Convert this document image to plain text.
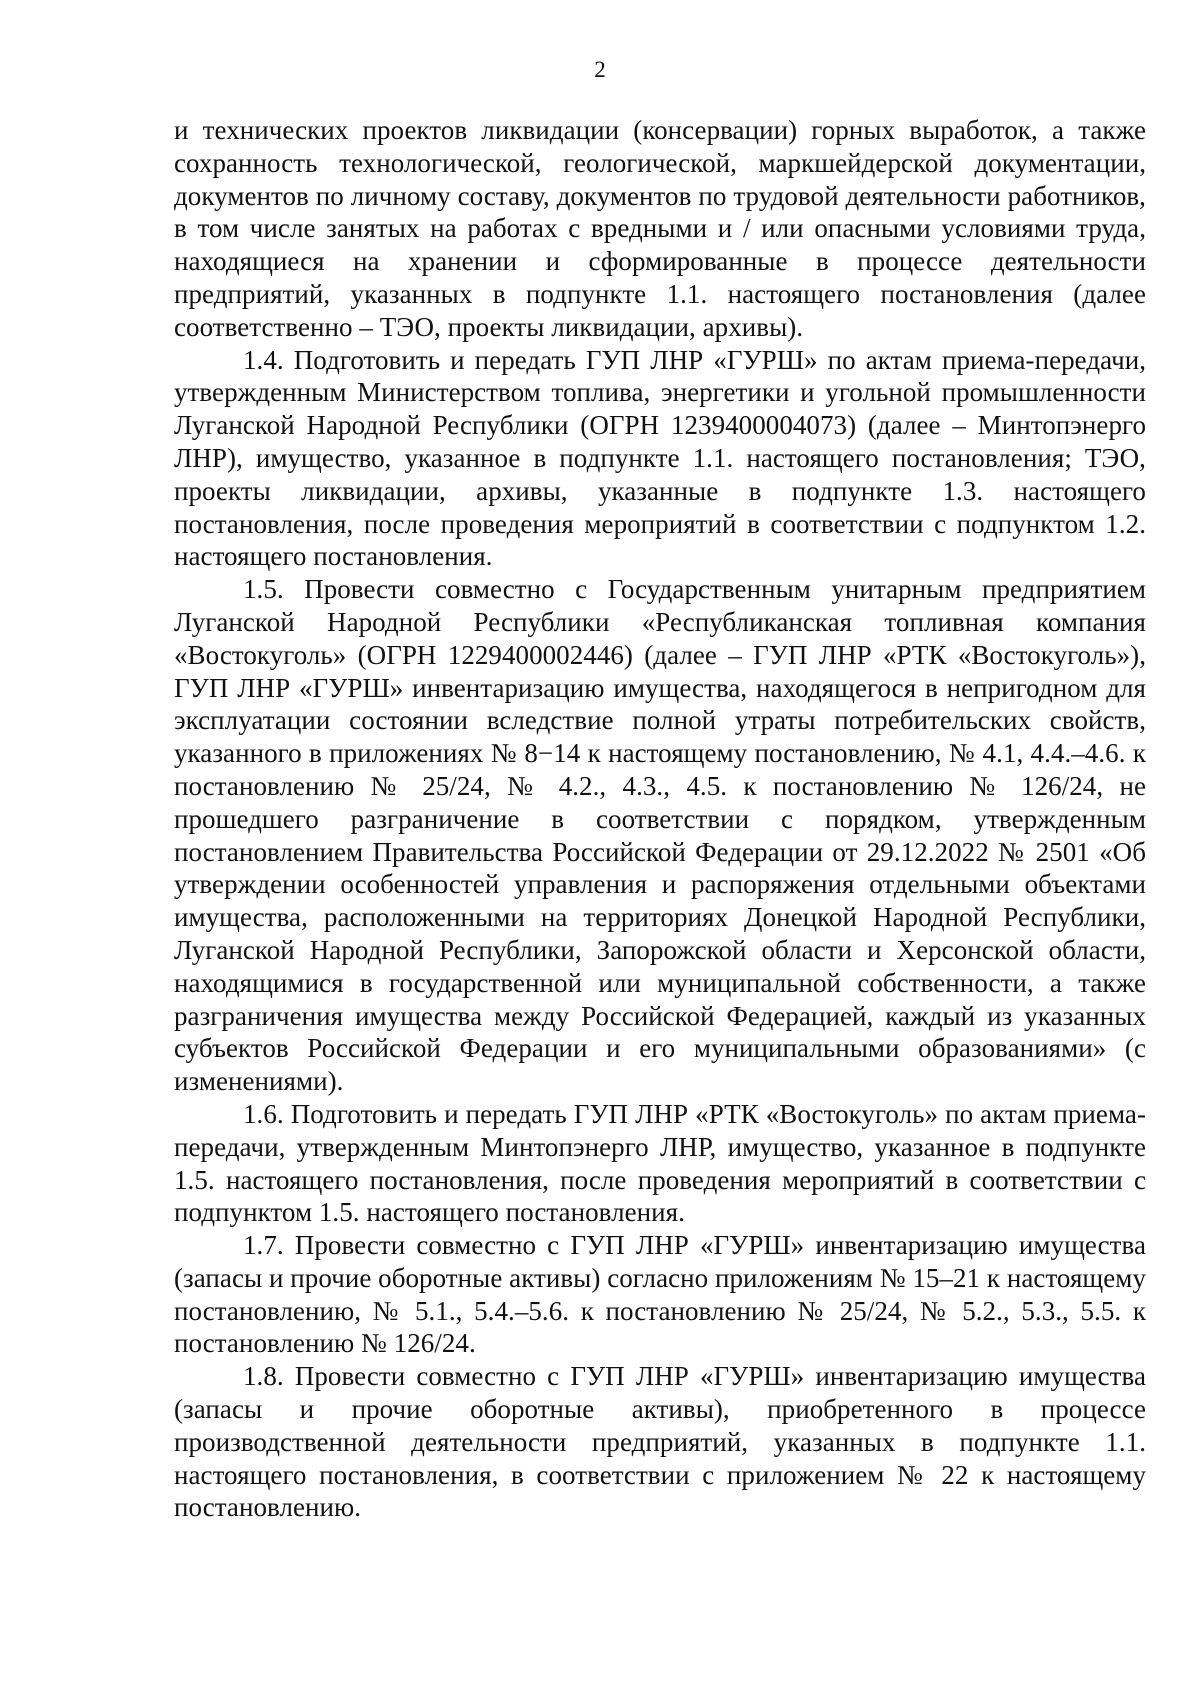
2

и технических проектов ликвидации (консервации) горных выработок, а также сохранность технологической, геологической, маркшейдерской документации, документов по личному составу, документов по трудовой деятельности работников, в том числе занятых на работах с вредными и / или опасными условиями труда, находящиеся на хранении и сформированные в процессе деятельности предприятий, указанных в подпункте 1.1. настоящего постановления (далее соответственно – ТЭО, проекты ликвидации, архивы).

1.4. Подготовить и передать ГУП ЛНР «ГУРШ» по актам приема-передачи, утвержденным Министерством топлива, энергетики и угольной промышленности Луганской Народной Республики (ОГРН 1239400004073) (далее – Минтопэнерго ЛНР), имущество, указанное в подпункте 1.1. настоящего постановления; ТЭО, проекты ликвидации, архивы, указанные в подпункте 1.3. настоящего постановления, после проведения мероприятий в соответствии с подпунктом 1.2. настоящего постановления.

1.5. Провести совместно с Государственным унитарным предприятием Луганской Народной Республики «Республиканская топливная компания «Востокуголь» (ОГРН 1229400002446) (далее – ГУП ЛНР «РТК «Востокуголь»), ГУП ЛНР «ГУРШ» инвентаризацию имущества, находящегося в непригодном для эксплуатации состоянии вследствие полной утраты потребительских свойств, указанного в приложениях № 8−14 к настоящему постановлению, № 4.1, 4.4.–4.6. к постановлению № 25/24, № 4.2., 4.3., 4.5. к постановлению № 126/24, не прошедшего разграничение в соответствии с порядком, утвержденным постановлением Правительства Российской Федерации от 29.12.2022 № 2501 «Об утверждении особенностей управления и распоряжения отдельными объектами имущества, расположенными на территориях Донецкой Народной Республики, Луганской Народной Республики, Запорожской области и Херсонской области, находящимися в государственной или муниципальной собственности, а также разграничения имущества между Российской Федерацией, каждый из указанных субъектов Российской Федерации и его муниципальными образованиями» (с изменениями).

1.6. Подготовить и передать ГУП ЛНР «РТК «Востокуголь» по актам приема-передачи, утвержденным Минтопэнерго ЛНР, имущество, указанное в подпункте 1.5. настоящего постановления, после проведения мероприятий в соответствии с подпунктом 1.5. настоящего постановления.

1.7. Провести совместно с ГУП ЛНР «ГУРШ» инвентаризацию имущества (запасы и прочие оборотные активы) согласно приложениям № 15–21 к настоящему постановлению, № 5.1., 5.4.–5.6. к постановлению № 25/24, № 5.2., 5.3., 5.5. к постановлению № 126/24.

1.8. Провести совместно с ГУП ЛНР «ГУРШ» инвентаризацию имущества (запасы и прочие оборотные активы), приобретенного в процессе производственной деятельности предприятий, указанных в подпункте 1.1. настоящего постановления, в соответствии с приложением № 22 к настоящему постановлению.
